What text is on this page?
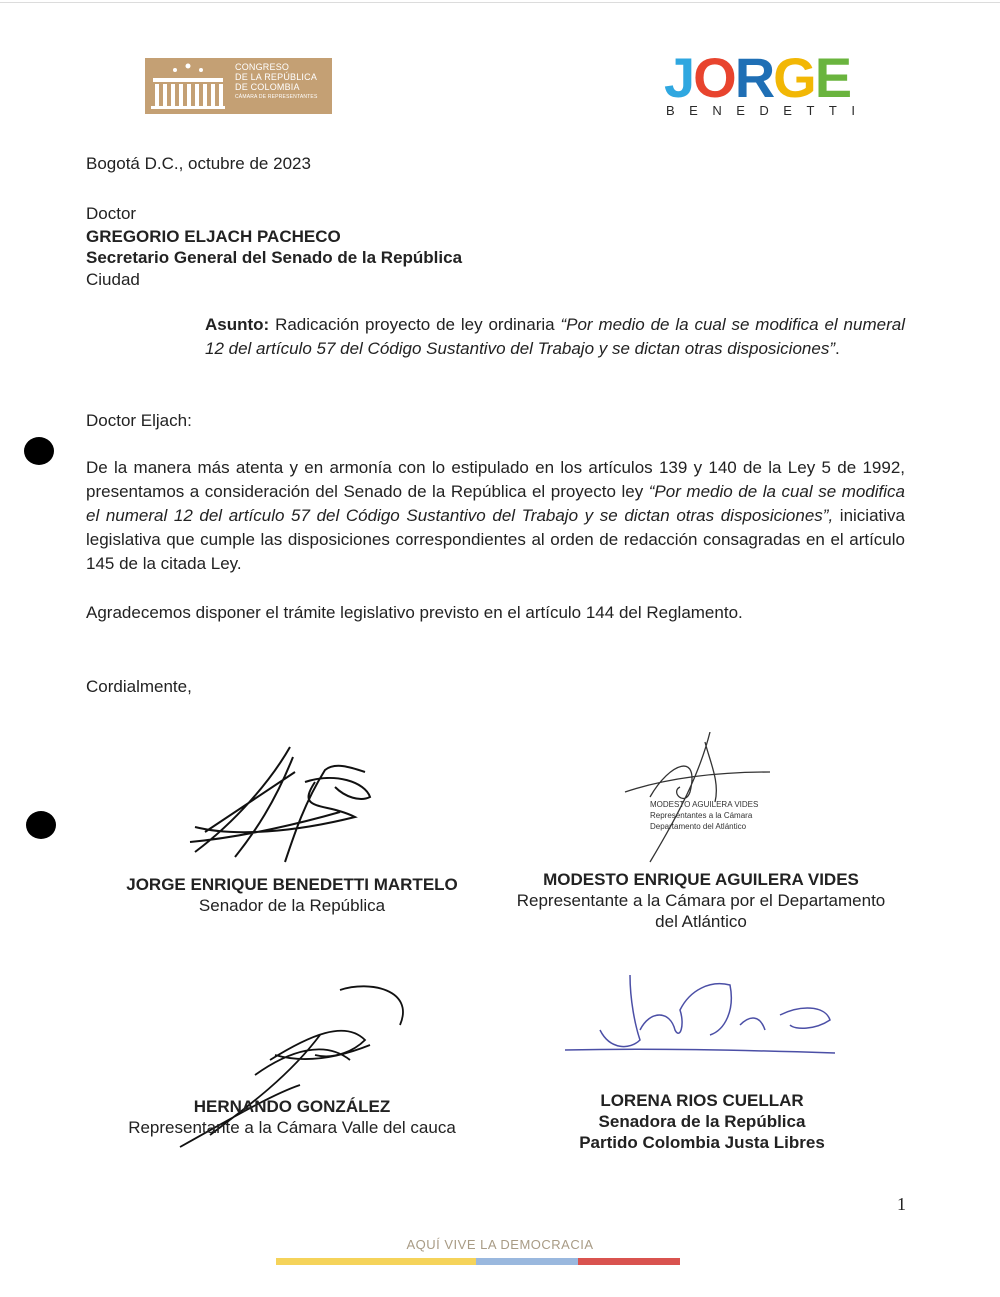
CONGRESO
DE LA REPÚBLICA
DE COLOMBIA
CÁMARA DE REPRESENTANTES	JORGE
BENEDETTI
Bogotá D.C., octubre de 2023
Doctor
GREGORIO ELJACH PACHECO
Secretario General del Senado de la República
Ciudad
Asunto: Radicación proyecto de ley ordinaria “Por medio de la cual se modifica el numeral 12 del artículo 57 del Código Sustantivo del Trabajo y se dictan otras disposiciones”.
Doctor Eljach:
De la manera más atenta y en armonía con lo estipulado en los artículos 139 y 140 de la Ley 5 de 1992, presentamos a consideración del Senado de la República el proyecto ley “Por medio de la cual se modifica el numeral 12 del artículo 57 del Código Sustantivo del Trabajo y se dictan otras disposiciones”, iniciativa legislativa que cumple las disposiciones correspondientes al orden de redacción consagradas en el artículo 145 de la citada Ley.
Agradecemos disponer el trámite legislativo previsto en el artículo 144 del Reglamento.
Cordialmente,
MODESTO AGUILERA VIDES
Representantes a la Cámara
Departamento del Atlántico
JORGE ENRIQUE BENEDETTI MARTELO
Senador de la República
MODESTO ENRIQUE AGUILERA VIDES
Representante a la Cámara por el Departamento
del Atlántico
HERNANDO GONZÁLEZ
Representante a la Cámara Valle del cauca
LORENA RIOS CUELLAR
Senadora de la República
Partido Colombia Justa Libres
1
AQUÍ VIVE LA DEMOCRACIA
